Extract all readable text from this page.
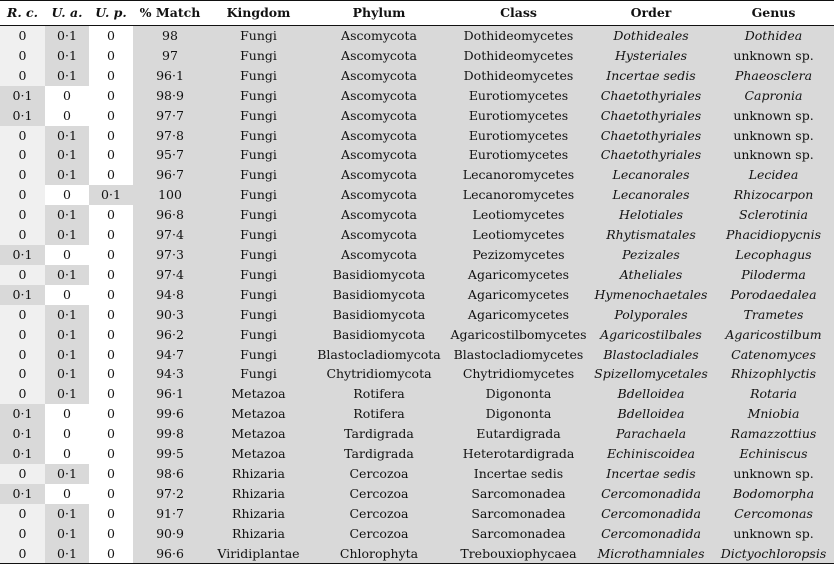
R. c.	U. a.	U. p.	% Match	Kingdom	Phylum	Class	Order	Genus
0	0·1	0	98	Fungi	Ascomycota	Dothideomycetes	Dothideales	Dothidea
0	0·1	0	97	Fungi	Ascomycota	Dothideomycetes	Hysteriales	unknown sp.
0	0·1	0	96·1	Fungi	Ascomycota	Dothideomycetes	Incertae sedis	Phaeosclera
0·1	0	0	98·9	Fungi	Ascomycota	Eurotiomycetes	Chaetothyriales	Capronia
0·1	0	0	97·7	Fungi	Ascomycota	Eurotiomycetes	Chaetothyriales	unknown sp.
0	0·1	0	97·8	Fungi	Ascomycota	Eurotiomycetes	Chaetothyriales	unknown sp.
0	0·1	0	95·7	Fungi	Ascomycota	Eurotiomycetes	Chaetothyriales	unknown sp.
0	0·1	0	96·7	Fungi	Ascomycota	Lecanoromycetes	Lecanorales	Lecidea
0	0	0·1	100	Fungi	Ascomycota	Lecanoromycetes	Lecanorales	Rhizocarpon
0	0·1	0	96·8	Fungi	Ascomycota	Leotiomycetes	Helotiales	Sclerotinia
0	0·1	0	97·4	Fungi	Ascomycota	Leotiomycetes	Rhytismatales	Phacidiopycnis
0·1	0	0	97·3	Fungi	Ascomycota	Pezizomycetes	Pezizales	Lecophagus
0	0·1	0	97·4	Fungi	Basidiomycota	Agaricomycetes	Atheliales	Piloderma
0·1	0	0	94·8	Fungi	Basidiomycota	Agaricomycetes	Hymenochaetales	Porodaedalea
0	0·1	0	90·3	Fungi	Basidiomycota	Agaricomycetes	Polyporales	Trametes
0	0·1	0	96·2	Fungi	Basidiomycota	Agaricostilbomycetes	Agaricostilbales	Agaricostilbum
0	0·1	0	94·7	Fungi	Blastocladiomycota	Blastocladiomycetes	Blastocladiales	Catenomyces
0	0·1	0	94·3	Fungi	Chytridiomycota	Chytridiomycetes	Spizellomycetales	Rhizophlyctis
0	0·1	0	96·1	Metazoa	Rotifera	Digononta	Bdelloidea	Rotaria
0·1	0	0	99·6	Metazoa	Rotifera	Digononta	Bdelloidea	Mniobia
0·1	0	0	99·8	Metazoa	Tardigrada	Eutardigrada	Parachaela	Ramazzottius
0·1	0	0	99·5	Metazoa	Tardigrada	Heterotardigrada	Echiniscoidea	Echiniscus
0	0·1	0	98·6	Rhizaria	Cercozoa	Incertae sedis	Incertae sedis	unknown sp.
0·1	0	0	97·2	Rhizaria	Cercozoa	Sarcomonadea	Cercomonadida	Bodomorpha
0	0·1	0	91·7	Rhizaria	Cercozoa	Sarcomonadea	Cercomonadida	Cercomonas
0	0·1	0	90·9	Rhizaria	Cercozoa	Sarcomonadea	Cercomonadida	unknown sp.
0	0·1	0	96·6	Viridiplantae	Chlorophyta	Trebouxiophycaea	Microthamniales	Dictyochloropsis
